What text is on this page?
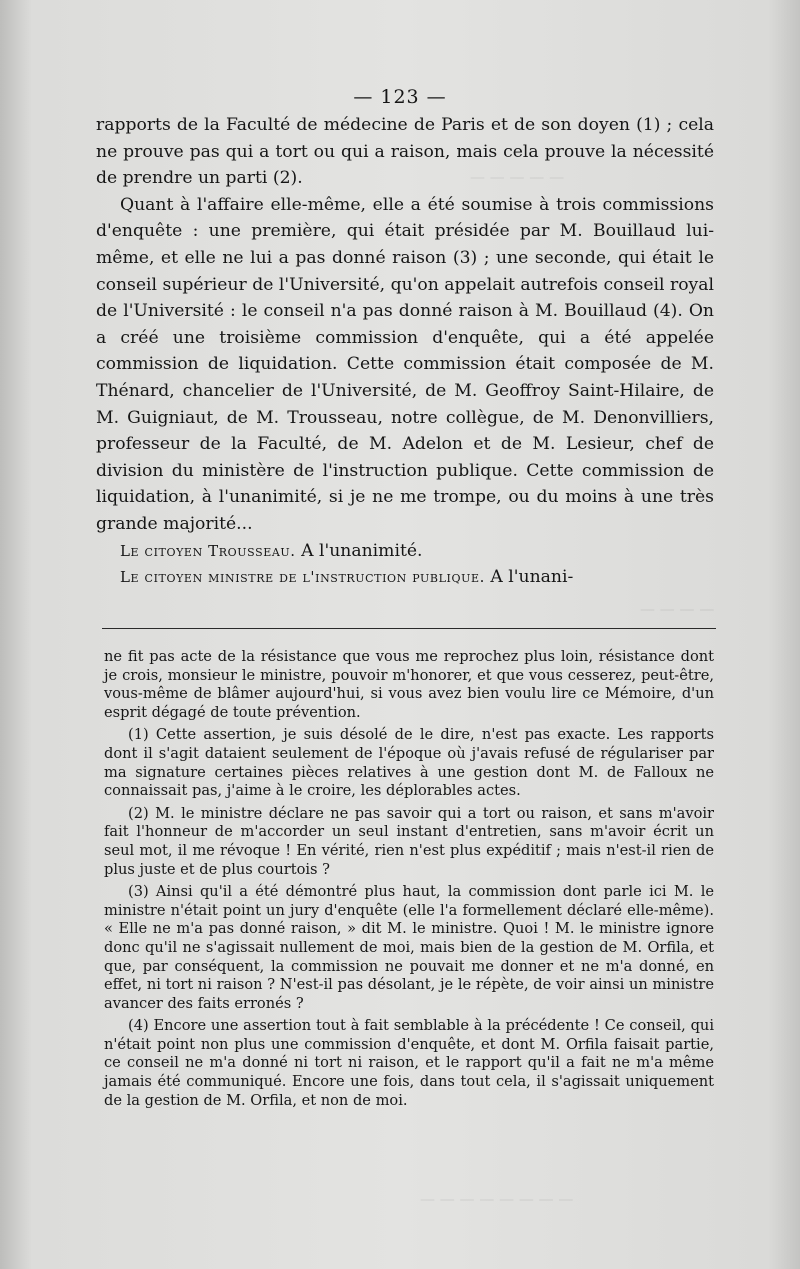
— — — — —
— — — —
— — — — — — — —
— 123 —

rapports de la Faculté de médecine de Paris et de son doyen (1) ; cela ne prouve pas qui a tort ou qui a raison, mais cela prouve la nécessité de prendre un parti (2).

Quant à l'affaire elle-même, elle a été soumise à trois commissions d'enquête : une première, qui était présidée par M. Bouillaud lui-même, et elle ne lui a pas donné raison (3) ; une seconde, qui était le conseil supérieur de l'Université, qu'on appelait autrefois conseil royal de l'Université : le conseil n'a pas donné raison à M. Bouillaud (4). On a créé une troisième commission d'enquête, qui a été appelée commission de liquidation. Cette commission était composée de M. Thénard, chancelier de l'Université, de M. Geoffroy Saint-Hilaire, de M. Guigniaut, de M. Trousseau, notre collègue, de M. Denonvilliers, professeur de la Faculté, de M. Adelon et de M. Lesieur, chef de division du ministère de l'instruction publique. Cette commission de liquidation, à l'unanimité, si je ne me trompe, ou du moins à une très grande majorité...

Le citoyen Trousseau. A l'unanimité.

Le citoyen ministre de l'instruction publique. A l'unani-

ne fit pas acte de la résistance que vous me reprochez plus loin, résistance dont je crois, monsieur le ministre, pouvoir m'honorer, et que vous cesserez, peut-être, vous-même de blâmer aujourd'hui, si vous avez bien voulu lire ce Mémoire, d'un esprit dégagé de toute prévention.

(1) Cette assertion, je suis désolé de le dire, n'est pas exacte. Les rapports dont il s'agit dataient seulement de l'époque où j'avais refusé de régulariser par ma signature certaines pièces relatives à une gestion dont M. de Falloux ne connaissait pas, j'aime à le croire, les déplorables actes.

(2) M. le ministre déclare ne pas savoir qui a tort ou raison, et sans m'avoir fait l'honneur de m'accorder un seul instant d'entretien, sans m'avoir écrit un seul mot, il me révoque ! En vérité, rien n'est plus expéditif ; mais n'est-il rien de plus juste et de plus courtois ?

(3) Ainsi qu'il a été démontré plus haut, la commission dont parle ici M. le ministre n'était point un jury d'enquête (elle l'a formellement déclaré elle-même). « Elle ne m'a pas donné raison, » dit M. le ministre. Quoi ! M. le ministre ignore donc qu'il ne s'agissait nullement de moi, mais bien de la gestion de M. Orfila, et que, par conséquent, la commission ne pouvait me donner et ne m'a donné, en effet, ni tort ni raison ? N'est-il pas désolant, je le répète, de voir ainsi un ministre avancer des faits erronés ?

(4) Encore une assertion tout à fait semblable à la précédente ! Ce conseil, qui n'était point non plus une commission d'enquête, et dont M. Orfila faisait partie, ce conseil ne m'a donné ni tort ni raison, et le rapport qu'il a fait ne m'a même jamais été communiqué. Encore une fois, dans tout cela, il s'agissait uniquement de la gestion de M. Orfila, et non de moi.
